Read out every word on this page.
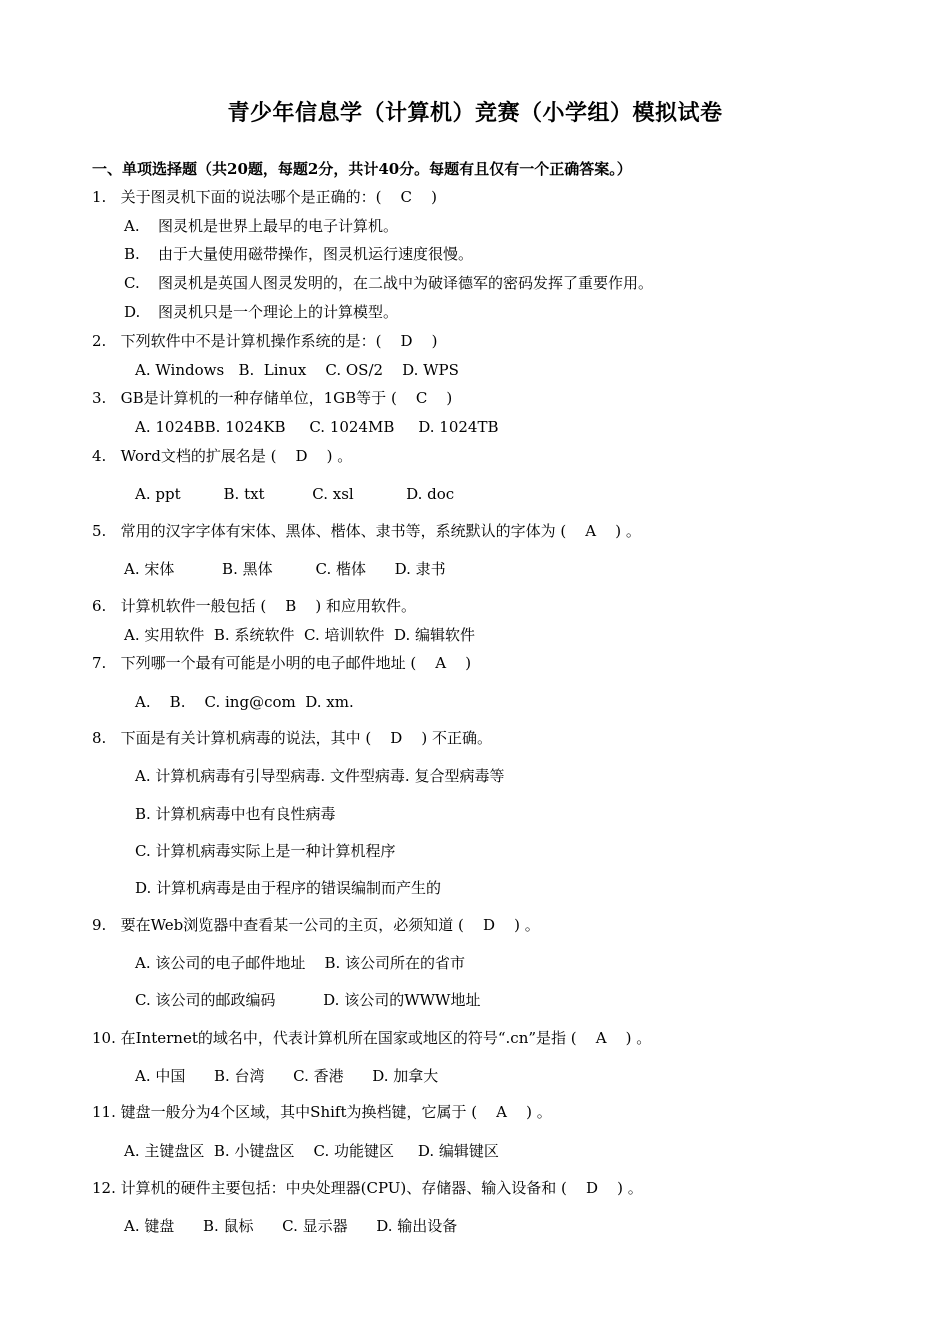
青少年信息学（计算机）竞赛（小学组）模拟试卷
一、单项选择题（共20题，每题2分，共计40分。每题有且仅有一个正确答案。）
1.   关于图灵机下面的说法哪个是正确的：(    C    )
A. 图灵机是世界上最早的电子计算机。
B. 由于大量使用磁带操作，图灵机运行速度很慢。
C. 图灵机是英国人图灵发明的，在二战中为破译德军的密码发挥了重要作用。
D. 图灵机只是一个理论上的计算模型。
2.   下列软件中不是计算机操作系统的是：(    D    )
A. Windows   B.  Linux    C. OS/2    D. WPS
3.   GB是计算机的一种存储单位，1GB等于 (    C    )
A. 1024BB. 1024KB     C. 1024MB     D. 1024TB
4.   Word文档的扩展名是 (    D    ) 。
A. ppt         B. txt          C. xsl           D. doc
5.   常用的汉字字体有宋体、黑体、楷体、隶书等，系统默认的字体为 (    A    ) 。
A. 宋体          B. 黑体         C. 楷体      D. 隶书
6.   计算机软件一般包括 (    B    ) 和应用软件。
A. 实用软件  B. 系统软件  C. 培训软件  D. 编辑软件
7.   下列哪一个最有可能是小明的电子邮件地址 (    A    )
A.    B.    C. ing@com  D. xm.
8.   下面是有关计算机病毒的说法，其中 (    D    ) 不正确。
A. 计算机病毒有引导型病毒. 文件型病毒. 复合型病毒等
B. 计算机病毒中也有良性病毒
C. 计算机病毒实际上是一种计算机程序
D. 计算机病毒是由于程序的错误编制而产生的
9.   要在Web浏览器中查看某一公司的主页，必须知道 (    D    ) 。
A. 该公司的电子邮件地址    B. 该公司所在的省市
C. 该公司的邮政编码          D. 该公司的WWW地址
10. 在Internet的域名中，代表计算机所在国家或地区的符号“.cn”是指 (    A    ) 。
A. 中国      B. 台湾      C. 香港      D. 加拿大
11. 键盘一般分为4个区域，其中Shift为换档键，它属于 (    A    ) 。
A. 主键盘区  B. 小键盘区    C. 功能键区     D. 编辑键区
12. 计算机的硬件主要包括：中央处理器(CPU)、存储器、输入设备和 (    D    ) 。
A. 键盘      B. 鼠标      C. 显示器      D. 输出设备
